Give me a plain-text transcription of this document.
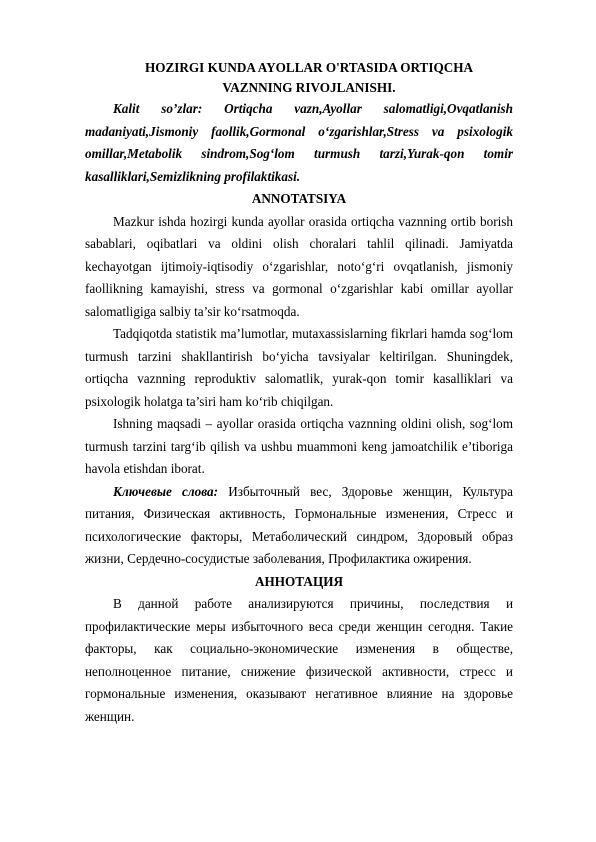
HOZIRGI KUNDA AYOLLAR O'RTASIDA ORTIQCHA
VAZNNING RIVOJLANISHI.

Kalit so’zlar: Ortiqcha vazn,Ayollar salomatligi,Ovqatlanish madaniyati,Jismoniy faollik,Gormonal o‘zgarishlar,Stress va psixologik omillar,Metabolik sindrom,Sog‘lom turmush tarzi,Yurak-qon tomir kasalliklari,Semizlikning profilaktikasi.

ANNOTATSIYA

Mazkur ishda hozirgi kunda ayollar orasida ortiqcha vaznning ortib borish sabablari, oqibatlari va oldini olish choralari tahlil qilinadi. Jamiyatda kechayotgan ijtimoiy-iqtisodiy o‘zgarishlar, noto‘g‘ri ovqatlanish, jismoniy faollikning kamayishi, stress va gormonal o‘zgarishlar kabi omillar ayollar salomatligiga salbiy ta’sir ko‘rsatmoqda.

Tadqiqotda statistik ma’lumotlar, mutaxassislarning fikrlari hamda sog‘lom turmush tarzini shakllantirish bo‘yicha tavsiyalar keltirilgan. Shuningdek, ortiqcha vaznning reproduktiv salomatlik, yurak-qon tomir kasalliklari va psixologik holatga ta’siri ham ko‘rib chiqilgan.

Ishning maqsadi – ayollar orasida ortiqcha vaznning oldini olish, sog‘lom turmush tarzini targ‘ib qilish va ushbu muammoni keng jamoatchilik e’tiboriga havola etishdan iborat.

Ключевые слова: Избыточный вес, Здоровье женщин, Культура питания, Физическая активность, Гормональные изменения, Стресс и психологические факторы, Метаболический синдром, Здоровый образ жизни, Сердечно-сосудистые заболевания, Профилактика ожирения.

АННОТАЦИЯ

В данной работе анализируются причины, последствия и профилактические меры избыточного веса среди женщин сегодня. Такие факторы, как социально-экономические изменения в обществе, неполноценное питание, снижение физической активности, стресс и гормональные изменения, оказывают негативное влияние на здоровье женщин.
